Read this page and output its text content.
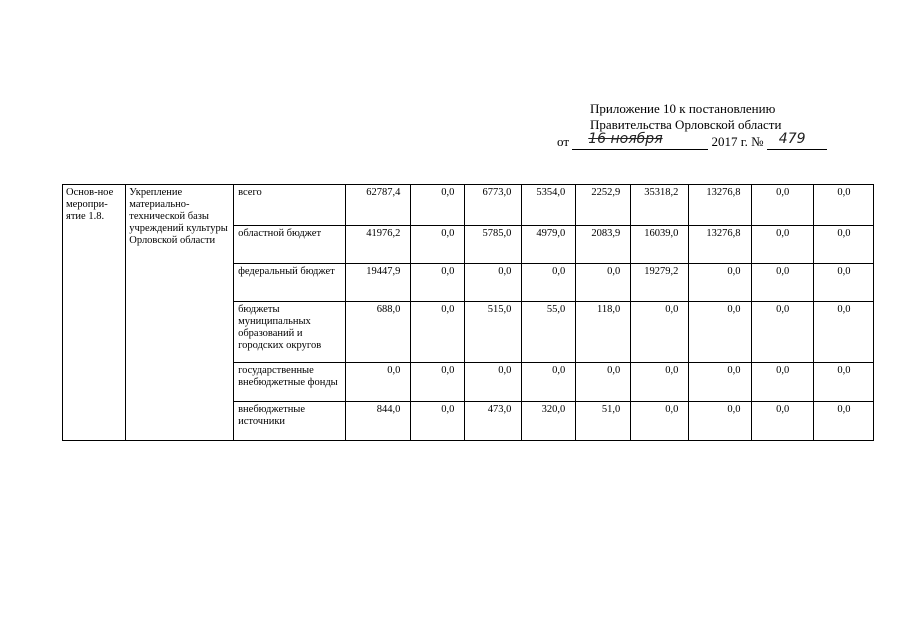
Приложение 10 к постановлению
Правительства Орловской области
от 16 ноября	2017 г. № 479
Основ-ное меропри-ятие 1.8.	Укрепление материально-технической базы учреждений культуры Орловской области	всего	62787,4	0,0	6773,0	5354,0	2252,9	35318,2	13276,8	0,0	0,0
		областной бюджет	41976,2	0,0	5785,0	4979,0	2083,9	16039,0	13276,8	0,0	0,0
		федеральный бюджет	19447,9	0,0	0,0	0,0	0,0	19279,2	0,0	0,0	0,0
		бюджеты муниципальных образований и городских округов	688,0	0,0	515,0	55,0	118,0	0,0	0,0	0,0	0,0
		государственные внебюджетные фонды	0,0	0,0	0,0	0,0	0,0	0,0	0,0	0,0	0,0
		внебюджетные источники	844,0	0,0	473,0	320,0	51,0	0,0	0,0	0,0	0,0
